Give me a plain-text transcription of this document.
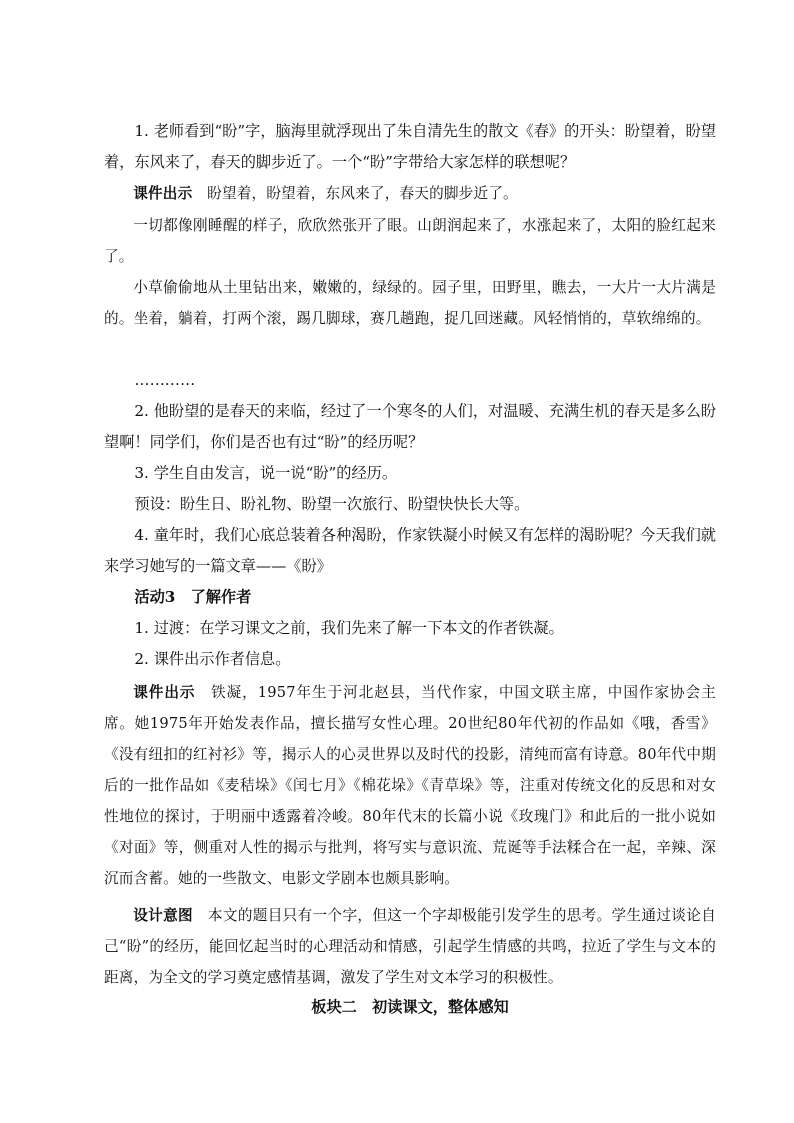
1. 老师看到“盼”字，脑海里就浮现出了朱自清先生的散文《春》的开头：盼望着，盼望着，东风来了，春天的脚步近了。一个“盼”字带给大家怎样的联想呢？

课件出示　盼望着，盼望着，东风来了，春天的脚步近了。

一切都像刚睡醒的样子，欣欣然张开了眼。山朗润起来了，水涨起来了，太阳的脸红起来了。

小草偷偷地从土里钻出来，嫩嫩的，绿绿的。园子里，田野里，瞧去，一大片一大片满是的。坐着，躺着，打两个滚，踢几脚球，赛几趟跑，捉几回迷藏。风轻悄悄的，草软绵绵的。

…………

2. 他盼望的是春天的来临，经过了一个寒冬的人们，对温暖、充满生机的春天是多么盼望啊！同学们，你们是否也有过“盼”的经历呢？

3. 学生自由发言，说一说“盼”的经历。

预设：盼生日、盼礼物、盼望一次旅行、盼望快快长大等。

4. 童年时，我们心底总装着各种渴盼，作家铁凝小时候又有怎样的渴盼呢？今天我们就来学习她写的一篇文章——《盼》

活动3　了解作者

1. 过渡：在学习课文之前，我们先来了解一下本文的作者铁凝。

2. 课件出示作者信息。

课件出示　铁凝，1957年生于河北赵县，当代作家，中国文联主席，中国作家协会主席。她1975年开始发表作品，擅长描写女性心理。20世纪80年代初的作品如《哦，香雪》《没有纽扣的红衬衫》等，揭示人的心灵世界以及时代的投影，清纯而富有诗意。80年代中期后的一批作品如《麦秸垛》《闰七月》《棉花垛》《青草垛》等，注重对传统文化的反思和对女性地位的探讨，于明丽中透露着冷峻。80年代末的长篇小说《玫瑰门》和此后的一批小说如《对面》等，侧重对人性的揭示与批判，将写实与意识流、荒诞等手法糅合在一起，辛辣、深沉而含蓄。她的一些散文、电影文学剧本也颇具影响。

设计意图　本文的题目只有一个字，但这一个字却极能引发学生的思考。学生通过谈论自己“盼”的经历，能回忆起当时的心理活动和情感，引起学生情感的共鸣，拉近了学生与文本的距离，为全文的学习奠定感情基调，激发了学生对文本学习的积极性。

板块二　初读课文，整体感知
